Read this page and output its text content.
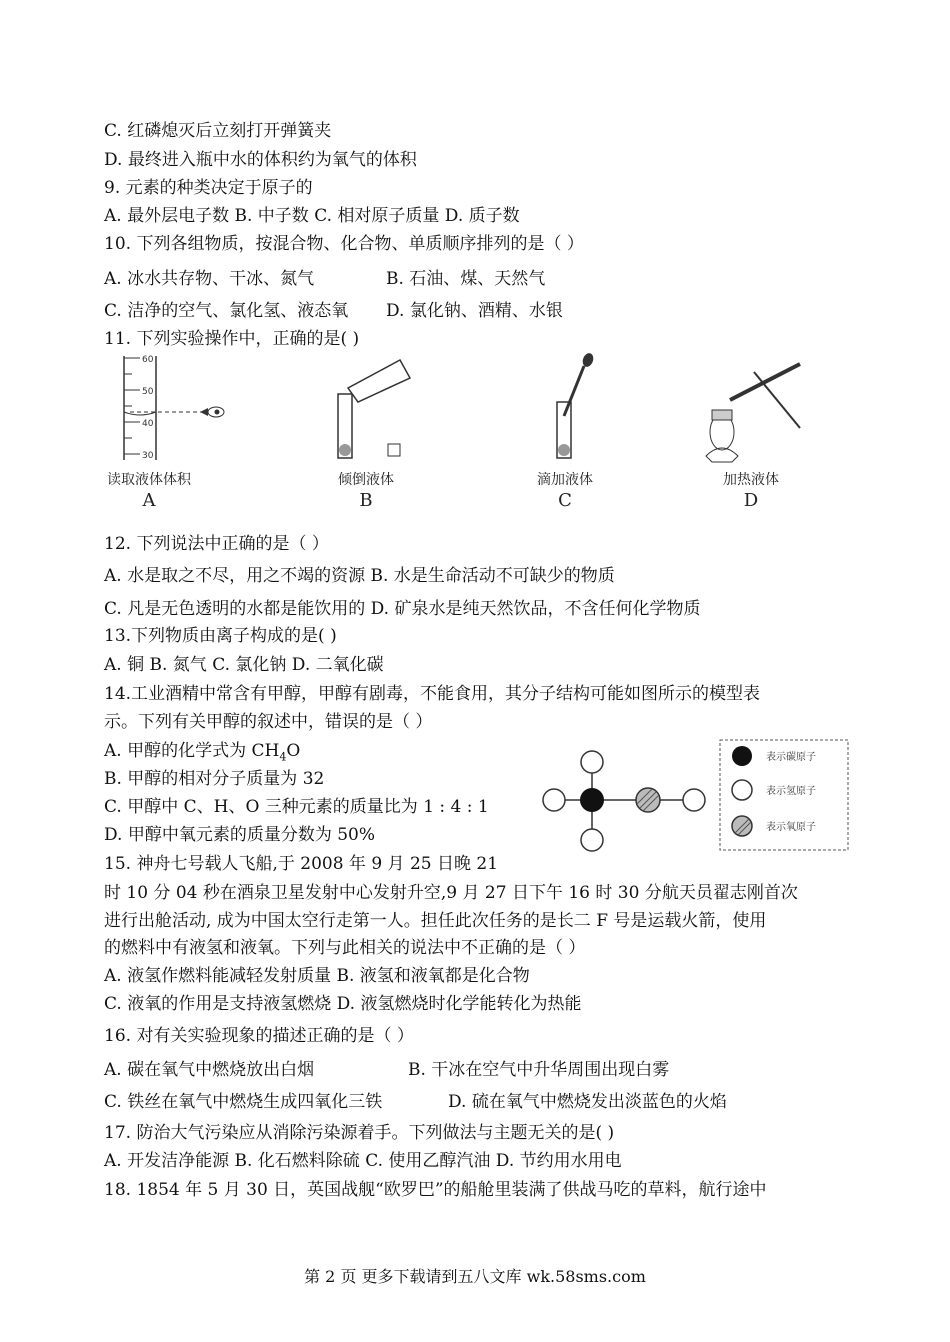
C. 红磷熄灭后立刻打开弹簧夹
D. 最终进入瓶中水的体积约为氧气的体积
9. 元素的种类决定于原子的
A. 最外层电子数 B. 中子数 C. 相对原子质量 D. 质子数
10. 下列各组物质，按混合物、化合物、单质顺序排列的是（ ）
A. 冰水共存物、干冰、氮气	B. 石油、煤、天然气
C. 洁净的空气、氯化氢、液态氧 D. 氯化钠、酒精、水银
11. 下列实验操作中，正确的是( )
60
50
40
30
读取液体体积
A
倾倒液体
B
滴加液体
C
加热液体
D
12. 下列说法中正确的是（ ）
A. 水是取之不尽，用之不竭的资源 B. 水是生命活动不可缺少的物质
C. 凡是无色透明的水都是能饮用的 D. 矿泉水是纯天然饮品，不含任何化学物质
13.下列物质由离子构成的是( )
A. 铜 B. 氮气 C. 氯化钠 D. 二氧化碳
14.工业酒精中常含有甲醇，甲醇有剧毒，不能食用，其分子结构可能如图所示的模型表
示。下列有关甲醇的叙述中，错误的是（ ）
A. 甲醇的化学式为 $CH_4O$
B. 甲醇的相对分子质量为 32
C. 甲醇中 C、H、O 三种元素的质量比为 1 : 4 : 1
D. 甲醇中氧元素的质量分数为 50%
表示碳原子
表示氢原子
表示氧原子
15. 神舟七号载人飞船,于 2008 年 9 月 25 日晚 21
时 10 分 04 秒在酒泉卫星发射中心发射升空,9 月 27 日下午 16 时 30 分航天员翟志刚首次
进行出舱活动, 成为中国太空行走第一人。担任此次任务的是长二 F 号是运载火箭，使用
的燃料中有液氢和液氧。下列与此相关的说法中不正确的是（ ）
A. 液氢作燃料能减轻发射质量 B. 液氢和液氧都是化合物
C. 液氧的作用是支持液氢燃烧 D. 液氢燃烧时化学能转化为热能
16. 对有关实验现象的描述正确的是（ ）
A. 碳在氧气中燃烧放出白烟	B. 干冰在空气中升华周围出现白雾
C. 铁丝在氧气中燃烧生成四氧化三铁	D. 硫在氧气中燃烧发出淡蓝色的火焰
17. 防治大气污染应从消除污染源着手。下列做法与主题无关的是( )
A. 开发洁净能源 B. 化石燃料除硫 C. 使用乙醇汽油 D. 节约用水用电
18. 1854 年 5 月 30 日，英国战舰“欧罗巴”的船舱里装满了供战马吃的草料，航行途中
第 2 页 更多下载请到五八文库 wk.58sms.com
